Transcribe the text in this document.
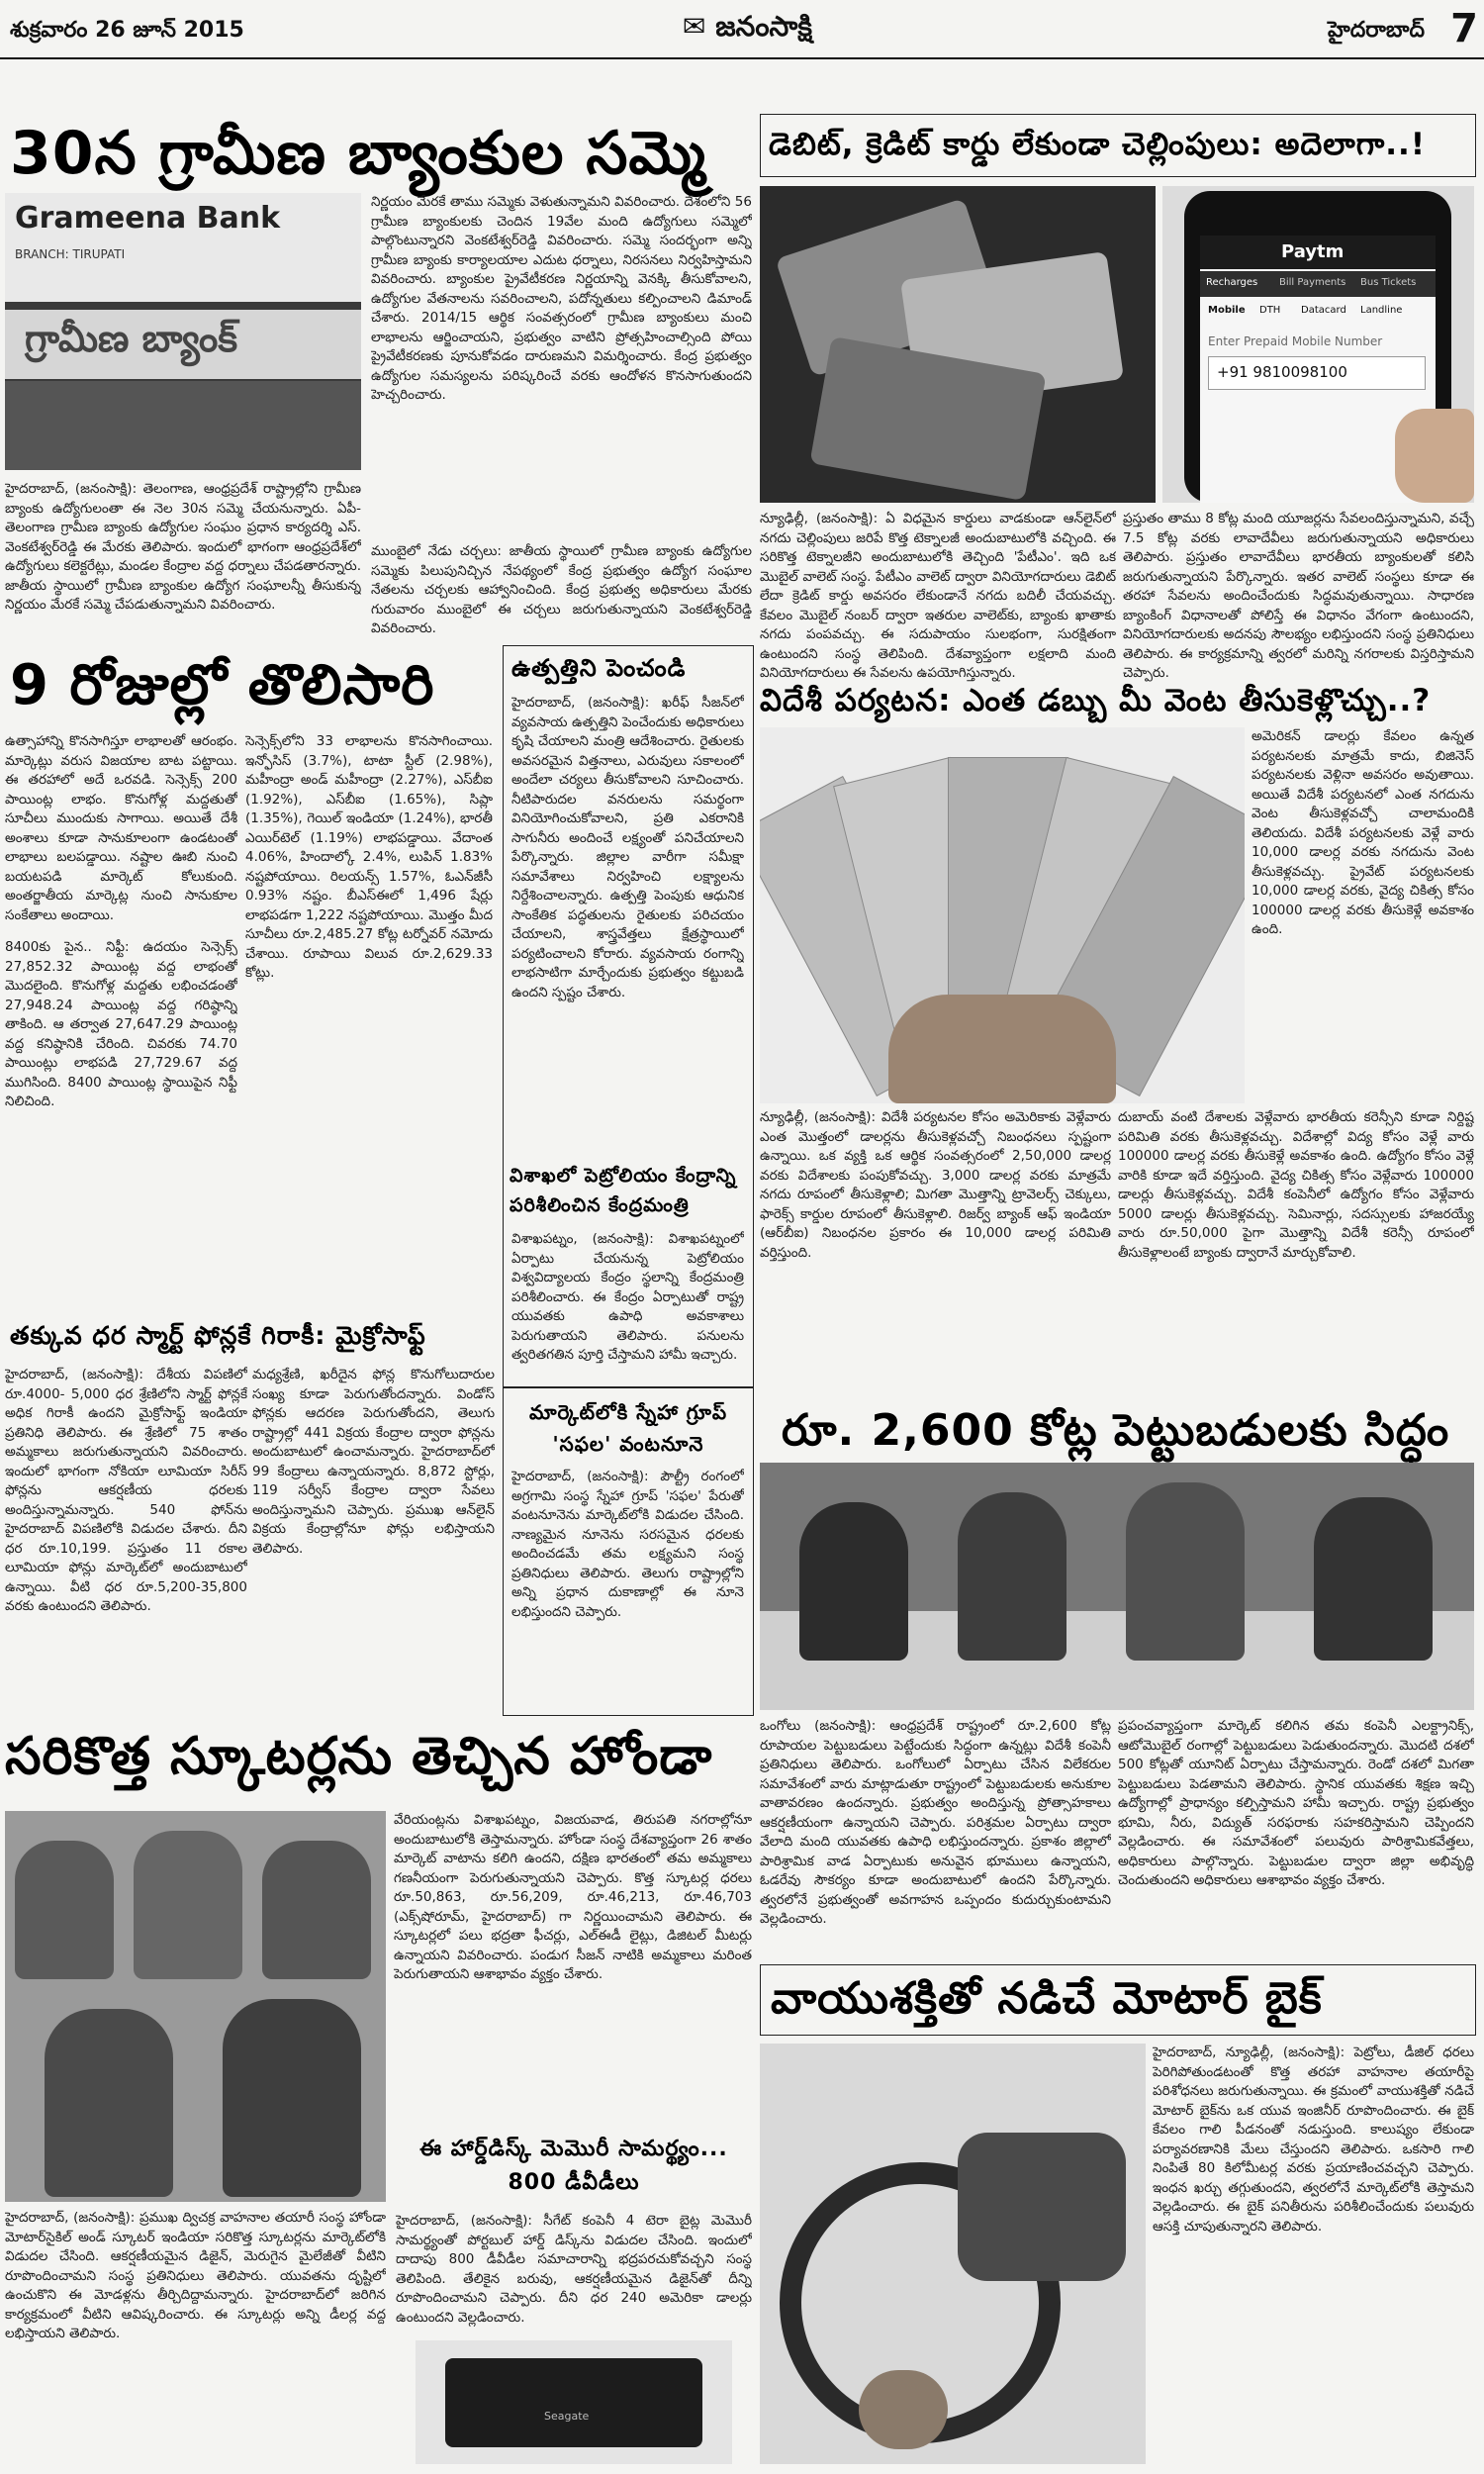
శుక్రవారం 26 జూన్ 2015	✉ జనంసాక్షి	హైదరాబాద్ 7
30న గ్రామీణ బ్యాంకుల సమ్మె
Grameena Bank
BRANCH: TIRUPATI
గ్రామీణ బ్యాంక్
హైదరాబాద్, (జనంసాక్షి): తెలంగాణ, ఆంధ్రప్రదేశ్ రాష్ట్రాల్లోని గ్రామీణ బ్యాంకు ఉద్యోగులంతా ఈ నెల 30న సమ్మె చేయనున్నారు. ఏపీ-తెలంగాణ గ్రామీణ బ్యాంకు ఉద్యోగుల సంఘం ప్రధాన కార్యదర్శి ఎస్. వెంకటేశ్వర్‌రెడ్డి ఈ మేరకు తెలిపారు. ఇందులో భాగంగా ఆంధ్రప్రదేశ్‌లో ఉద్యోగులు కలెక్టరేట్లు, మండల కేంద్రాల వద్ద ధర్నాలు చేపడతారన్నారు. జాతీయ స్థాయిలో గ్రామీణ బ్యాంకుల ఉద్యోగ సంఘాలన్నీ తీసుకున్న నిర్ణయం మేరకే సమ్మె చేపడుతున్నామని వివరించారు.
నిర్ణయం మేరకే తాము సమ్మెకు వెళుతున్నామని వివరించారు. దేశంలోని 56 గ్రామీణ బ్యాంకులకు చెందిన 19వేల మంది ఉద్యోగులు సమ్మెలో పాల్గొంటున్నారని వెంకటేశ్వర్‌రెడ్డి వివరించారు. సమ్మె సందర్భంగా అన్ని గ్రామీణ బ్యాంకు కార్యాలయాల ఎదుట ధర్నాలు, నిరసనలు నిర్వహిస్తామని వివరించారు. బ్యాంకుల ప్రైవేటీకరణ నిర్ణయాన్ని వెనక్కి తీసుకోవాలని, ఉద్యోగుల వేతనాలను సవరించాలని, పదోన్నతులు కల్పించాలని డిమాండ్ చేశారు. 2014/15 ఆర్థిక సంవత్సరంలో గ్రామీణ బ్యాంకులు మంచి లాభాలను ఆర్జించాయని, ప్రభుత్వం వాటిని ప్రోత్సహించాల్సింది పోయి ప్రైవేటీకరణకు పూనుకోవడం దారుణమని విమర్శించారు. కేంద్ర ప్రభుత్వం ఉద్యోగుల సమస్యలను పరిష్కరించే వరకు ఆందోళన కొనసాగుతుందని హెచ్చరించారు.
ముంబైలో నేడు చర్చలు: జాతీయ స్థాయిలో గ్రామీణ బ్యాంకు ఉద్యోగుల సమ్మెకు పిలుపునిచ్చిన నేపథ్యంలో కేంద్ర ప్రభుత్వం ఉద్యోగ సంఘాల నేతలను చర్చలకు ఆహ్వానించింది. కేంద్ర ప్రభుత్వ అధికారులు మేరకు గురువారం ముంబైలో ఈ చర్చలు జరుగుతున్నాయని వెంకటేశ్వర్‌రెడ్డి వివరించారు.
డెబిట్, క్రెడిట్ కార్డు లేకుండా చెల్లింపులు: అదెలాగా..!
Paytm
Recharges Bill Payments Bus Tickets
Mobile DTH Datacard Landline
Enter Prepaid Mobile Number
+91 9810098100
న్యూఢిల్లీ, (జనంసాక్షి): ఏ విధమైన కార్డులు వాడకుండా ఆన్‌లైన్‌లో నగదు చెల్లింపులు జరిపే కొత్త టెక్నాలజీ అందుబాటులోకి వచ్చింది. ఈ సరికొత్త టెక్నాలజీని అందుబాటులోకి తెచ్చింది 'పేటీఎం'. ఇది ఒక మొబైల్ వాలెట్ సంస్థ. పేటీఎం వాలెట్ ద్వారా వినియోగదారులు డెబిట్ లేదా క్రెడిట్ కార్డు అవసరం లేకుండానే నగదు బదిలీ చేయవచ్చు. కేవలం మొబైల్ నంబర్ ద్వారా ఇతరుల వాలెట్‌కు, బ్యాంకు ఖాతాకు నగదు పంపవచ్చు. ఈ సదుపాయం సులభంగా, సురక్షితంగా ఉంటుందని సంస్థ తెలిపింది. దేశవ్యాప్తంగా లక్షలాది మంది వినియోగదారులు ఈ సేవలను ఉపయోగిస్తున్నారు.
ప్రస్తుతం తాము 8 కోట్ల మంది యూజర్లను సేవలందిస్తున్నామని, వచ్చే 7.5 కోట్ల వరకు లావాదేవీలు జరుగుతున్నాయని అధికారులు తెలిపారు. ప్రస్తుతం లావాదేవీలు భారతీయ బ్యాంకులతో కలిసి జరుగుతున్నాయని పేర్కొన్నారు. ఇతర వాలెట్ సంస్థలు కూడా ఈ తరహా సేవలను అందించేందుకు సిద్ధమవుతున్నాయి. సాధారణ బ్యాంకింగ్ విధానాలతో పోలిస్తే ఈ విధానం వేగంగా ఉంటుందని, వినియోగదారులకు అదనపు సౌలభ్యం లభిస్తుందని సంస్థ ప్రతినిధులు తెలిపారు. ఈ కార్యక్రమాన్ని త్వరలో మరిన్ని నగరాలకు విస్తరిస్తామని చెప్పారు.
9 రోజుల్లో తొలిసారి
ఉత్సాహాన్ని కొనసాగిస్తూ లాభాలతో ఆరంభం. మార్కెట్లు వరుస విజయాల బాట పట్టాయి. ఈ తరహాలో అదే ఒరవడి. సెన్సెక్స్ 200 పాయింట్ల లాభం. కొనుగోళ్ల మద్దతుతో సూచీలు ముందుకు సాగాయి. అయితే దేశీ అంశాలు కూడా సానుకూలంగా ఉండటంతో లాభాలు బలపడ్డాయి. నష్టాల ఊబి నుంచి బయటపడి మార్కెట్ కోలుకుంది. అంతర్జాతీయ మార్కెట్ల నుంచి సానుకూల సంకేతాలు అందాయి.
8400కు పైన.. నిఫ్టీ: ఉదయం సెన్సెక్స్ 27,852.32 పాయింట్ల వద్ద లాభంతో మొదలైంది. కొనుగోళ్ల మద్దతు లభించడంతో 27,948.24 పాయింట్ల వద్ద గరిష్ఠాన్ని తాకింది. ఆ తర్వాత 27,647.29 పాయింట్ల వద్ద కనిష్ఠానికి చేరింది. చివరకు 74.70 పాయింట్లు లాభపడి 27,729.67 వద్ద ముగిసింది. 8400 పాయింట్ల స్థాయిపైన నిఫ్టీ నిలిచింది.
సెన్సెక్స్‌లోని 33 లాభాలను కొనసాగించాయి. ఇన్ఫోసిస్ (3.7%), టాటా స్టీల్ (2.98%), మహీంద్రా అండ్ మహీంద్రా (2.27%), ఎస్‌బీఐ (1.92%), ఎస్‌బీఐ (1.65%), సిప్లా (1.35%), గెయిల్ ఇండియా (1.24%), భారతీ ఎయిర్‌టెల్ (1.19%) లాభపడ్డాయి. వేదాంత 4.06%, హిందాల్కో 2.4%, లుపిన్ 1.83% నష్టపోయాయి. రిలయన్స్ 1.57%, ఓఎన్‌జీసీ 0.93% నష్టం. బీఎస్ఈలో 1,496 షేర్లు లాభపడగా 1,222 నష్టపోయాయి. మొత్తం మీద సూచీలు రూ.2,485.27 కోట్ల టర్నోవర్ నమోదు చేశాయి. రూపాయి విలువ రూ.2,629.33 కోట్లు.
ఉత్పత్తిని పెంచండి
హైదరాబాద్, (జనంసాక్షి): ఖరీఫ్ సీజన్‌లో వ్యవసాయ ఉత్పత్తిని పెంచేందుకు అధికారులు కృషి చేయాలని మంత్రి ఆదేశించారు. రైతులకు అవసరమైన విత్తనాలు, ఎరువులు సకాలంలో అందేలా చర్యలు తీసుకోవాలని సూచించారు. నీటిపారుదల వనరులను సమర్థంగా వినియోగించుకోవాలని, ప్రతి ఎకరానికి సాగునీరు అందించే లక్ష్యంతో పనిచేయాలని పేర్కొన్నారు. జిల్లాల వారీగా సమీక్షా సమావేశాలు నిర్వహించి లక్ష్యాలను నిర్దేశించాలన్నారు. ఉత్పత్తి పెంపుకు ఆధునిక సాంకేతిక పద్ధతులను రైతులకు పరిచయం చేయాలని, శాస్త్రవేత్తలు క్షేత్రస్థాయిలో పర్యటించాలని కోరారు. వ్యవసాయ రంగాన్ని లాభసాటిగా మార్చేందుకు ప్రభుత్వం కట్టుబడి ఉందని స్పష్టం చేశారు.
విశాఖలో పెట్రోలియం కేంద్రాన్ని పరిశీలించిన కేంద్రమంత్రి
విశాఖపట్నం, (జనంసాక్షి): విశాఖపట్నంలో ఏర్పాటు చేయనున్న పెట్రోలియం విశ్వవిద్యాలయ కేంద్రం స్థలాన్ని కేంద్రమంత్రి పరిశీలించారు. ఈ కేంద్రం ఏర్పాటుతో రాష్ట్ర యువతకు ఉపాధి అవకాశాలు పెరుగుతాయని తెలిపారు. పనులను త్వరితగతిన పూర్తి చేస్తామని హామీ ఇచ్చారు.
మార్కెట్‌లోకి స్నేహా గ్రూప్ 'సఫల' వంటనూనె
హైదరాబాద్, (జనంసాక్షి): పౌల్ట్రీ రంగంలో అగ్రగామి సంస్థ స్నేహా గ్రూప్ 'సఫల' పేరుతో వంటనూనెను మార్కెట్‌లోకి విడుదల చేసింది. నాణ్యమైన నూనెను సరసమైన ధరలకు అందించడమే తమ లక్ష్యమని సంస్థ ప్రతినిధులు తెలిపారు. తెలుగు రాష్ట్రాల్లోని అన్ని ప్రధాన దుకాణాల్లో ఈ నూనె లభిస్తుందని చెప్పారు.
విదేశీ పర్యటన: ఎంత డబ్బు మీ వెంట తీసుకెళ్లొచ్చు..?
అమెరికన్ డాలర్లు కేవలం ఉన్నత పర్యటనలకు మాత్రమే కాదు, బిజినెస్ పర్యటనలకు వెళ్లినా అవసరం అవుతాయి. అయితే విదేశీ పర్యటనలో ఎంత నగదును వెంట తీసుకెళ్లవచ్చో చాలామందికి తెలియదు. విదేశీ పర్యటనలకు వెళ్లే వారు 10,000 డాలర్ల వరకు నగదును వెంట తీసుకెళ్లవచ్చు. ప్రైవేట్ పర్యటనలకు 10,000 డాలర్ల వరకు, వైద్య చికిత్స కోసం 100000 డాలర్ల వరకు తీసుకెళ్లే అవకాశం ఉంది.
న్యూఢిల్లీ, (జనంసాక్షి): విదేశీ పర్యటనల కోసం అమెరికాకు వెళ్లేవారు ఎంత మొత్తంలో డాలర్లను తీసుకెళ్లవచ్చో నిబంధనలు స్పష్టంగా ఉన్నాయి. ఒక వ్యక్తి ఒక ఆర్థిక సంవత్సరంలో 2,50,000 డాలర్ల వరకు విదేశాలకు పంపుకోవచ్చు. 3,000 డాలర్ల వరకు మాత్రమే నగదు రూపంలో తీసుకెళ్లాలి; మిగతా మొత్తాన్ని ట్రావెలర్స్ చెక్కులు, ఫారెక్స్ కార్డుల రూపంలో తీసుకెళ్లాలి. రిజర్వ్ బ్యాంక్ ఆఫ్ ఇండియా (ఆర్‌బీఐ) నిబంధనల ప్రకారం ఈ 10,000 డాలర్ల పరిమితి వర్తిస్తుంది.
దుబాయ్ వంటి దేశాలకు వెళ్లేవారు భారతీయ కరెన్సీని కూడా నిర్దిష్ట పరిమితి వరకు తీసుకెళ్లవచ్చు. విదేశాల్లో విద్య కోసం వెళ్లే వారు 100000 డాలర్ల వరకు తీసుకెళ్లే అవకాశం ఉంది. ఉద్యోగం కోసం వెళ్లే వారికి కూడా ఇదే వర్తిస్తుంది. వైద్య చికిత్స కోసం వెళ్లేవారు 100000 డాలర్లు తీసుకెళ్లవచ్చు. విదేశీ కంపెనీలో ఉద్యోగం కోసం వెళ్లేవారు 5000 డాలర్లు తీసుకెళ్లవచ్చు. సెమినార్లు, సదస్సులకు హాజరయ్యే వారు రూ.50,000 పైగా మొత్తాన్ని విదేశీ కరెన్సీ రూపంలో తీసుకెళ్లాలంటే బ్యాంకు ద్వారానే మార్చుకోవాలి.
తక్కువ ధర స్మార్ట్ ఫోన్లకే గిరాకీ: మైక్రోసాఫ్ట్
హైదరాబాద్, (జనంసాక్షి): దేశీయ విపణిలో రూ.4000- 5,000 ధర శ్రేణిలోని స్మార్ట్ ఫోన్లకే అధిక గిరాకీ ఉందని మైక్రోసాఫ్ట్ ఇండియా ప్రతినిధి తెలిపారు. ఈ శ్రేణిలో 75 శాతం అమ్మకాలు జరుగుతున్నాయని వివరించారు. ఇందులో భాగంగా నోకియా లూమియా సిరీస్ ఫోన్లను ఆకర్షణీయ ధరలకు అందిస్తున్నామన్నారు. 540 ఫోన్‌ను హైదరాబాద్ విపణిలోకి విడుదల చేశారు. దీని ధర రూ.10,199. ప్రస్తుతం 11 రకాల లూమియా ఫోన్లు మార్కెట్‌లో అందుబాటులో ఉన్నాయి. వీటి ధర రూ.5,200-35,800 వరకు ఉంటుందని తెలిపారు.
మధ్యశ్రేణి, ఖరీదైన ఫోన్ల కొనుగోలుదారుల సంఖ్య కూడా పెరుగుతోందన్నారు. విండోస్ ఫోన్లకు ఆదరణ పెరుగుతోందని, తెలుగు రాష్ట్రాల్లో 441 విక్రయ కేంద్రాల ద్వారా ఫోన్లను అందుబాటులో ఉంచామన్నారు. హైదరాబాద్‌లో 99 కేంద్రాలు ఉన్నాయన్నారు. 8,872 స్టోర్లు, 119 సర్వీస్ కేంద్రాల ద్వారా సేవలు అందిస్తున్నామని చెప్పారు. ప్రముఖ ఆన్‌లైన్ విక్రయ కేంద్రాల్లోనూ ఫోన్లు లభిస్తాయని తెలిపారు.
రూ. 2,600 కోట్ల పెట్టుబడులకు సిద్ధం
ఒంగోలు (జనంసాక్షి): ఆంధ్రప్రదేశ్ రాష్ట్రంలో రూ.2,600 కోట్ల రూపాయల పెట్టుబడులు పెట్టేందుకు సిద్ధంగా ఉన్నట్లు విదేశీ కంపెనీ ప్రతినిధులు తెలిపారు. ఒంగోలులో ఏర్పాటు చేసిన విలేకరుల సమావేశంలో వారు మాట్లాడుతూ రాష్ట్రంలో పెట్టుబడులకు అనుకూల వాతావరణం ఉందన్నారు. ప్రభుత్వం అందిస్తున్న ప్రోత్సాహకాలు ఆకర్షణీయంగా ఉన్నాయని చెప్పారు. పరిశ్రమల ఏర్పాటు ద్వారా వేలాది మంది యువతకు ఉపాధి లభిస్తుందన్నారు. ప్రకాశం జిల్లాలో పారిశ్రామిక వాడ ఏర్పాటుకు అనువైన భూములు ఉన్నాయని, ఓడరేవు సౌకర్యం కూడా అందుబాటులో ఉందని పేర్కొన్నారు. త్వరలోనే ప్రభుత్వంతో అవగాహన ఒప్పందం కుదుర్చుకుంటామని వెల్లడించారు.
ప్రపంచవ్యాప్తంగా మార్కెట్ కలిగిన తమ కంపెనీ ఎలక్ట్రానిక్స్, ఆటోమొబైల్ రంగాల్లో పెట్టుబడులు పెడుతుందన్నారు. మొదటి దశలో 500 కోట్లతో యూనిట్ ఏర్పాటు చేస్తామన్నారు. రెండో దశలో మిగతా పెట్టుబడులు పెడతామని తెలిపారు. స్థానిక యువతకు శిక్షణ ఇచ్చి ఉద్యోగాల్లో ప్రాధాన్యం కల్పిస్తామని హామీ ఇచ్చారు. రాష్ట్ర ప్రభుత్వం భూమి, నీరు, విద్యుత్ సరఫరాకు సహకరిస్తామని చెప్పిందని వెల్లడించారు. ఈ సమావేశంలో పలువురు పారిశ్రామికవేత్తలు, అధికారులు పాల్గొన్నారు. పెట్టుబడుల ద్వారా జిల్లా అభివృద్ధి చెందుతుందని అధికారులు ఆశాభావం వ్యక్తం చేశారు.
సరికొత్త స్కూటర్లను తెచ్చిన హోండా
హైదరాబాద్, (జనంసాక్షి): ప్రముఖ ద్విచక్ర వాహనాల తయారీ సంస్థ హోండా మోటార్‌సైకిల్ అండ్ స్కూటర్ ఇండియా సరికొత్త స్కూటర్లను మార్కెట్‌లోకి విడుదల చేసింది. ఆకర్షణీయమైన డిజైన్, మెరుగైన మైలేజీతో వీటిని రూపొందించామని సంస్థ ప్రతినిధులు తెలిపారు. యువతను దృష్టిలో ఉంచుకొని ఈ మోడళ్లను తీర్చిదిద్దామన్నారు. హైదరాబాద్‌లో జరిగిన కార్యక్రమంలో వీటిని ఆవిష్కరించారు. ఈ స్కూటర్లు అన్ని డీలర్ల వద్ద లభిస్తాయని తెలిపారు.
వేరియంట్లను విశాఖపట్నం, విజయవాడ, తిరుపతి నగరాల్లోనూ అందుబాటులోకి తెస్తామన్నారు. హోండా సంస్థ దేశవ్యాప్తంగా 26 శాతం మార్కెట్ వాటాను కలిగి ఉందని, దక్షిణ భారతంలో తమ అమ్మకాలు గణనీయంగా పెరుగుతున్నాయని చెప్పారు. కొత్త స్కూటర్ల ధరలు రూ.50,863, రూ.56,209, రూ.46,213, రూ.46,703 (ఎక్స్‌షోరూమ్, హైదరాబాద్) గా నిర్ణయించామని తెలిపారు. ఈ స్కూటర్లలో పలు భద్రతా ఫీచర్లు, ఎల్ఈడీ లైట్లు, డిజిటల్ మీటర్లు ఉన్నాయని వివరించారు. పండుగ సీజన్ నాటికి అమ్మకాలు మరింత పెరుగుతాయని ఆశాభావం వ్యక్తం చేశారు.
ఈ హార్డ్‌డిస్క్ మెమొరీ సామర్థ్యం... 800 డీవీడీలు
హైదరాబాద్, (జనంసాక్షి): సీగేట్ కంపెనీ 4 టెరా బైట్ల మెమొరీ సామర్థ్యంతో పోర్టబుల్ హార్డ్ డిస్క్‌ను విడుదల చేసింది. ఇందులో దాదాపు 800 డీవీడీల సమాచారాన్ని భద్రపరచుకోవచ్చని సంస్థ తెలిపింది. తేలికైన బరువు, ఆకర్షణీయమైన డిజైన్‌తో దీన్ని రూపొందించామని చెప్పారు. దీని ధర 240 అమెరికా డాలర్లు ఉంటుందని వెల్లడించారు.
Seagate
వాయుశక్తితో నడిచే మోటార్ బైక్
హైదరాబాద్, న్యూఢిల్లీ, (జనంసాక్షి): పెట్రోలు, డీజిల్ ధరలు పెరిగిపోతుండటంతో కొత్త తరహా వాహనాల తయారీపై పరిశోధనలు జరుగుతున్నాయి. ఈ క్రమంలో వాయుశక్తితో నడిచే మోటార్ బైక్‌ను ఒక యువ ఇంజినీర్ రూపొందించారు. ఈ బైక్ కేవలం గాలి పీడనంతో నడుస్తుంది. కాలుష్యం లేకుండా పర్యావరణానికి మేలు చేస్తుందని తెలిపారు. ఒకసారి గాలి నింపితే 80 కిలోమీటర్ల వరకు ప్రయాణించవచ్చని చెప్పారు. ఇంధన ఖర్చు తగ్గుతుందని, త్వరలోనే మార్కెట్‌లోకి తెస్తామని వెల్లడించారు. ఈ బైక్ పనితీరును పరిశీలించేందుకు పలువురు ఆసక్తి చూపుతున్నారని తెలిపారు.
